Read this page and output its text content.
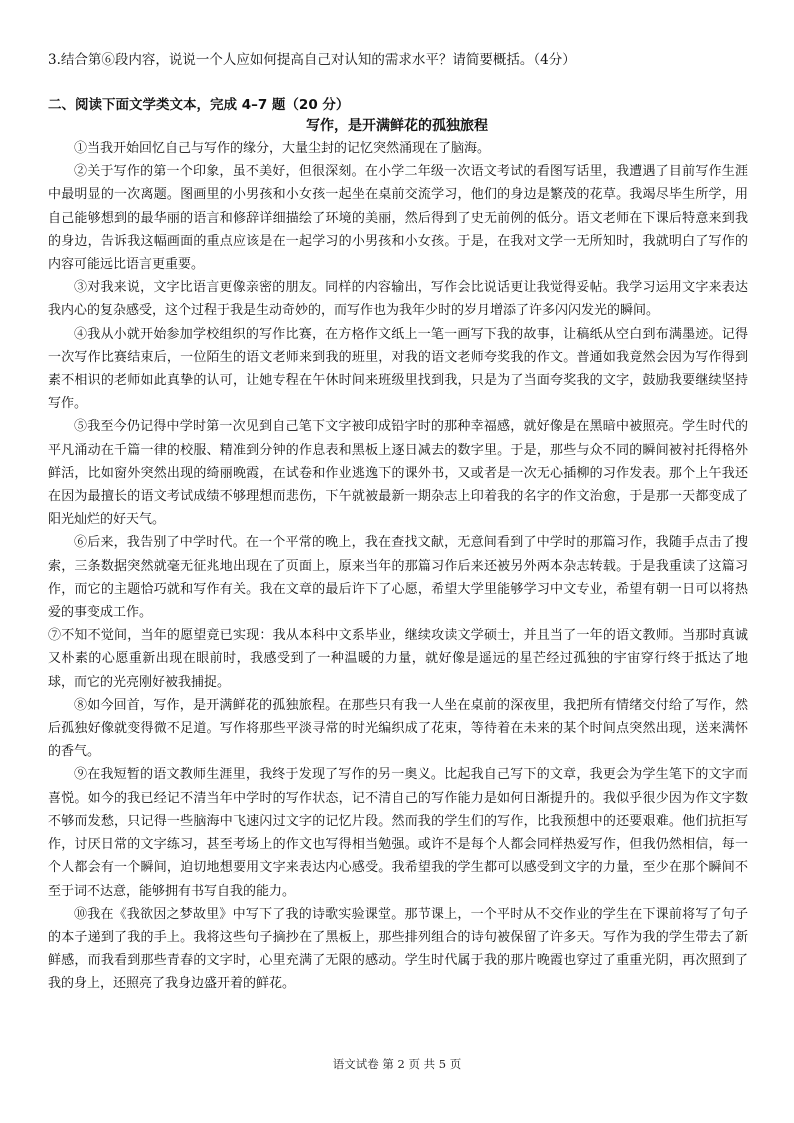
3.结合第⑥段内容，说说一个人应如何提高自己对认知的需求水平？请简要概括。（4分）
二、阅读下面文学类文本，完成 4–7 题（20 分）
写作，是开满鲜花的孤独旅程

①当我开始回忆自己与写作的缘分，大量尘封的记忆突然涌现在了脑海。

②关于写作的第一个印象，虽不美好，但很深刻。在小学二年级一次语文考试的看图写话里，我遭遇了目前写作生涯中最明显的一次离题。图画里的小男孩和小女孩一起坐在桌前交流学习，他们的身边是繁茂的花草。我竭尽毕生所学，用自己能够想到的最华丽的语言和修辞详细描绘了环境的美丽，然后得到了史无前例的低分。语文老师在下课后特意来到我的身边，告诉我这幅画面的重点应该是在一起学习的小男孩和小女孩。于是，在我对文学一无所知时，我就明白了写作的内容可能远比语言更重要。

③对我来说，文字比语言更像亲密的朋友。同样的内容输出，写作会比说话更让我觉得妥帖。我学习运用文字来表达我内心的复杂感受，这个过程于我是生动奇妙的，而写作也为我年少时的岁月增添了许多闪闪发光的瞬间。

④我从小就开始参加学校组织的写作比赛，在方格作文纸上一笔一画写下我的故事，让稿纸从空白到布满墨迹。记得一次写作比赛结束后，一位陌生的语文老师来到我的班里，对我的语文老师夸奖我的作文。普通如我竟然会因为写作得到素不相识的老师如此真挚的认可，让她专程在午休时间来班级里找到我，只是为了当面夸奖我的文字，鼓励我要继续坚持写作。

⑤我至今仍记得中学时第一次见到自己笔下文字被印成铅字时的那种幸福感，就好像是在黑暗中被照亮。学生时代的平凡涌动在千篇一律的校服、精准到分钟的作息表和黑板上逐日减去的数字里。于是，那些与众不同的瞬间被衬托得格外鲜活，比如窗外突然出现的绮丽晚霞，在试卷和作业逃逸下的课外书，又或者是一次无心插柳的习作发表。那个上午我还在因为最擅长的语文考试成绩不够理想而悲伤，下午就被最新一期杂志上印着我的名字的作文治愈，于是那一天都变成了阳光灿烂的好天气。

⑥后来，我告别了中学时代。在一个平常的晚上，我在查找文献，无意间看到了中学时的那篇习作，我随手点击了搜索，三条数据突然就毫无征兆地出现在了页面上，原来当年的那篇习作后来还被另外两本杂志转载。于是我重读了这篇习作，而它的主题恰巧就和写作有关。我在文章的最后许下了心愿，希望大学里能够学习中文专业，希望有朝一日可以将热爱的事变成工作。

⑦不知不觉间，当年的愿望竟已实现：我从本科中文系毕业，继续攻读文学硕士，并且当了一年的语文教师。当那时真诚又朴素的心愿重新出现在眼前时，我感受到了一种温暖的力量，就好像是遥远的星芒经过孤独的宇宙穿行终于抵达了地球，而它的光亮刚好被我捕捉。

⑧如今回首，写作，是开满鲜花的孤独旅程。在那些只有我一人坐在桌前的深夜里，我把所有情绪交付给了写作，然后孤独好像就变得微不足道。写作将那些平淡寻常的时光编织成了花束，等待着在未来的某个时间点突然出现，送来满怀的香气。

⑨在我短暂的语文教师生涯里，我终于发现了写作的另一奥义。比起我自己写下的文章，我更会为学生笔下的文字而喜悦。如今的我已经记不清当年中学时的写作状态，记不清自己的写作能力是如何日渐提升的。我似乎很少因为作文字数不够而发愁，只记得一些脑海中飞速闪过文字的记忆片段。然而我的学生们的写作，比我预想中的还要艰难。他们抗拒写作，讨厌日常的文字练习，甚至考场上的作文也写得相当勉强。或许不是每个人都会同样热爱写作，但我仍然相信，每一个人都会有一个瞬间，迫切地想要用文字来表达内心感受。我希望我的学生都可以感受到文字的力量，至少在那个瞬间不至于词不达意，能够拥有书写自我的能力。

⑩我在《我欲因之梦故里》中写下了我的诗歌实验课堂。那节课上，一个平时从不交作业的学生在下课前将写了句子的本子递到了我的手上。我将这些句子摘抄在了黑板上，那些排列组合的诗句被保留了许多天。写作为我的学生带去了新鲜感，而我看到那些青春的文字时，心里充满了无限的感动。学生时代属于我的那片晚霞也穿过了重重光阴，再次照到了我的身上，还照亮了我身边盛开着的鲜花。

语文试卷 第 2 页 共 5 页
